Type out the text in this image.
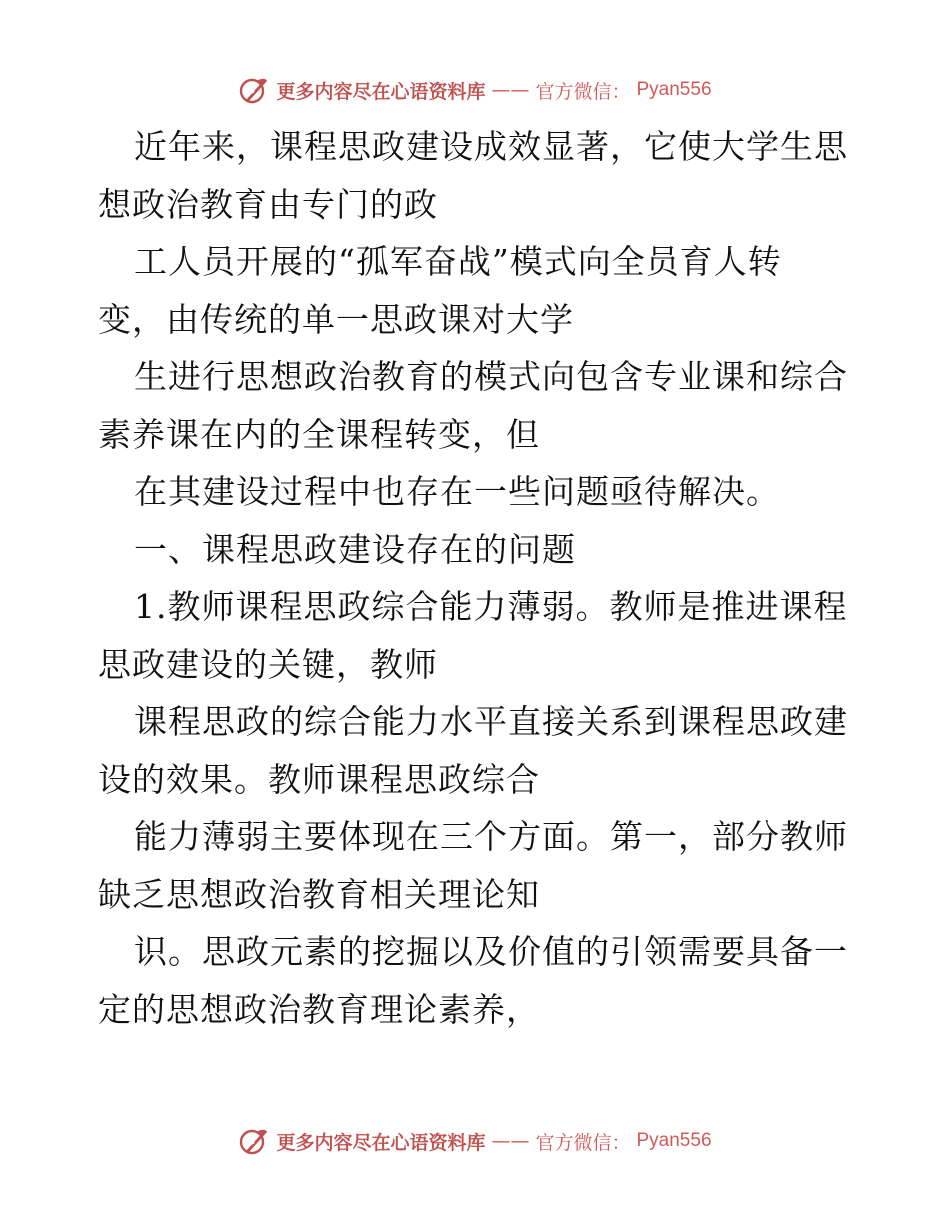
更多内容尽在心语资料库 —— 官方微信： Pyan556
近年来，课程思政建设成效显著，它使大学生思
想政治教育由专门的政
工人员开展的“孤军奋战”模式向全员育人转
变，由传统的单一思政课对大学
生进行思想政治教育的模式向包含专业课和综合
素养课在内的全课程转变，但
在其建设过程中也存在一些问题亟待解决。
一、课程思政建设存在的问题
1.教师课程思政综合能力薄弱。教师是推进课程
思政建设的关键，教师
课程思政的综合能力水平直接关系到课程思政建
设的效果。教师课程思政综合
能力薄弱主要体现在三个方面。第一，部分教师
缺乏思想政治教育相关理论知
识。思政元素的挖掘以及价值的引领需要具备一
定的思想政治教育理论素养，
更多内容尽在心语资料库 —— 官方微信： Pyan556
